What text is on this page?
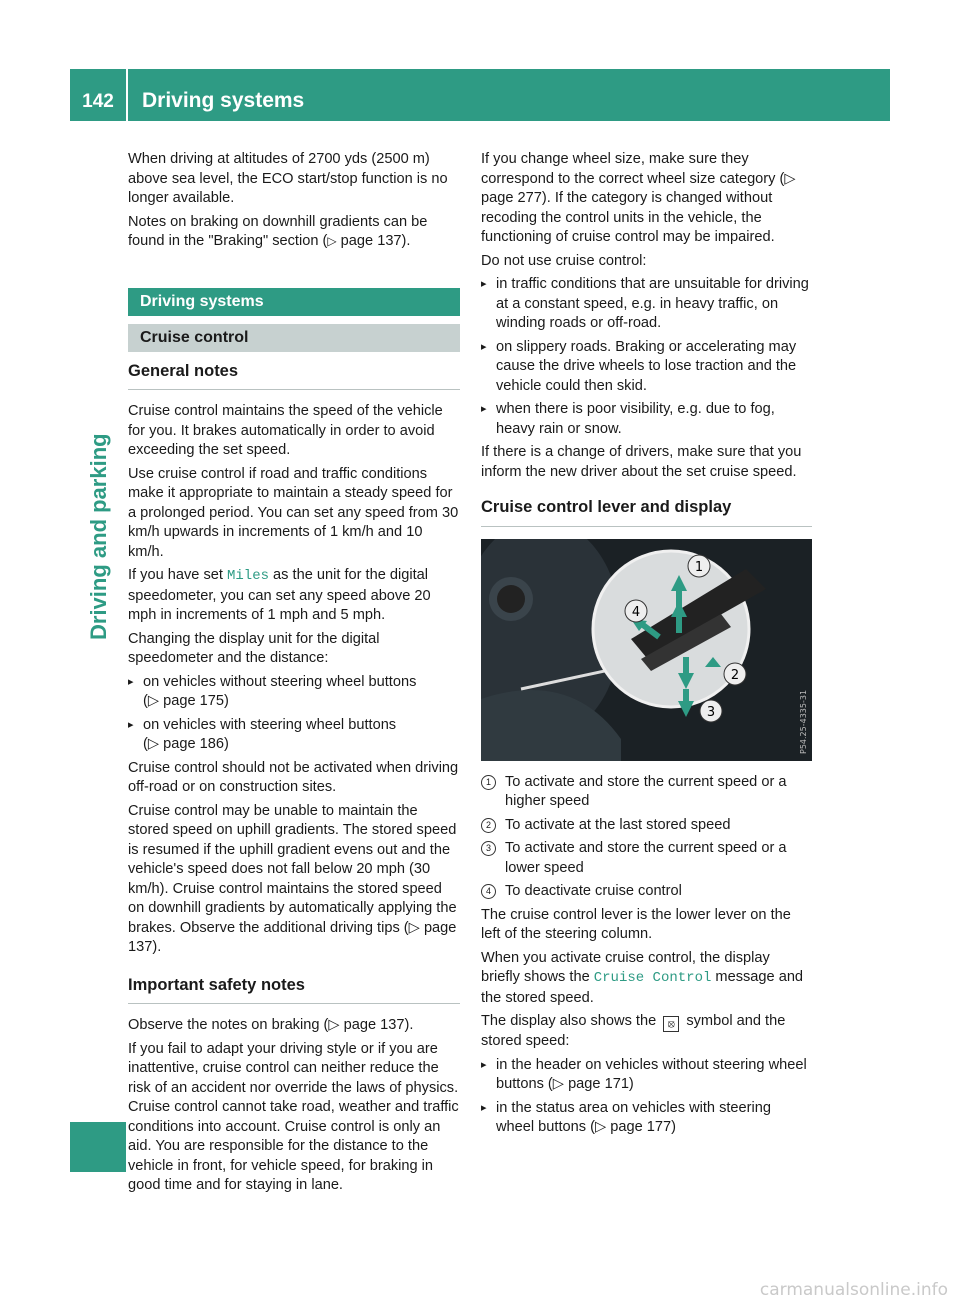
142	Driving systems
Driving and parking

When driving at altitudes of 2700 yds (2500 m) above sea level, the ECO start/stop function is no longer available.

Notes on braking on downhill gradients can be found in the "Braking" section (▷ page 137).

Driving systems
Cruise control
General notes

Cruise control maintains the speed of the vehicle for you. It brakes automatically in order to avoid exceeding the set speed.

Use cruise control if road and traffic conditions make it appropriate to maintain a steady speed for a prolonged period. You can set any speed from 30 km/h upwards in increments of 1 km/h and 10 km/h.

If you have set Miles as the unit for the digital speedometer, you can set any speed above 20 mph in increments of 1 mph and 5 mph.

Changing the display unit for the digital speedometer and the distance:

▸ on vehicles without steering wheel buttons
(▷ page 175)
▸ on vehicles with steering wheel buttons
(▷ page 186)

Cruise control should not be activated when driving off-road or on construction sites.

Cruise control may be unable to maintain the stored speed on uphill gradients. The stored speed is resumed if the uphill gradient evens out and the vehicle's speed does not fall below 20 mph (30 km/h). Cruise control maintains the stored speed on downhill gradients by automatically applying the brakes. Observe the additional driving tips (▷ page 137).

Important safety notes

Observe the notes on braking (▷ page 137).

If you fail to adapt your driving style or if you are inattentive, cruise control can neither reduce the risk of an accident nor override the laws of physics. Cruise control cannot take road, weather and traffic conditions into account. Cruise control is only an aid. You are responsible for the distance to the vehicle in front, for vehicle speed, for braking in good time and for staying in lane.

If you change wheel size, make sure they correspond to the correct wheel size category (▷ page 277). If the category is changed without recoding the control units in the vehicle, the functioning of cruise control may be impaired.

Do not use cruise control:

▸ in traffic conditions that are unsuitable for driving at a constant speed, e.g. in heavy traffic, on winding roads or off-road.
▸ on slippery roads. Braking or accelerating may cause the drive wheels to lose traction and the vehicle could then skid.
▸ when there is poor visibility, e.g. due to fog, heavy rain or snow.

If there is a change of drivers, make sure that you inform the new driver about the set cruise speed.

Cruise control lever and display
1
2
3
4
P54.25-4335-31
1 To activate and store the current speed or a higher speed
2 To activate at the last stored speed
3 To activate and store the current speed or a lower speed
4 To deactivate cruise control

The cruise control lever is the lower lever on the left of the steering column.

When you activate cruise control, the display briefly shows the Cruise Control message and the stored speed.

The display also shows the ⦻ symbol and the stored speed:

▸ in the header on vehicles without steering wheel buttons (▷ page 171)
▸ in the status area on vehicles with steering wheel buttons (▷ page 177)
carmanualsonline.info
